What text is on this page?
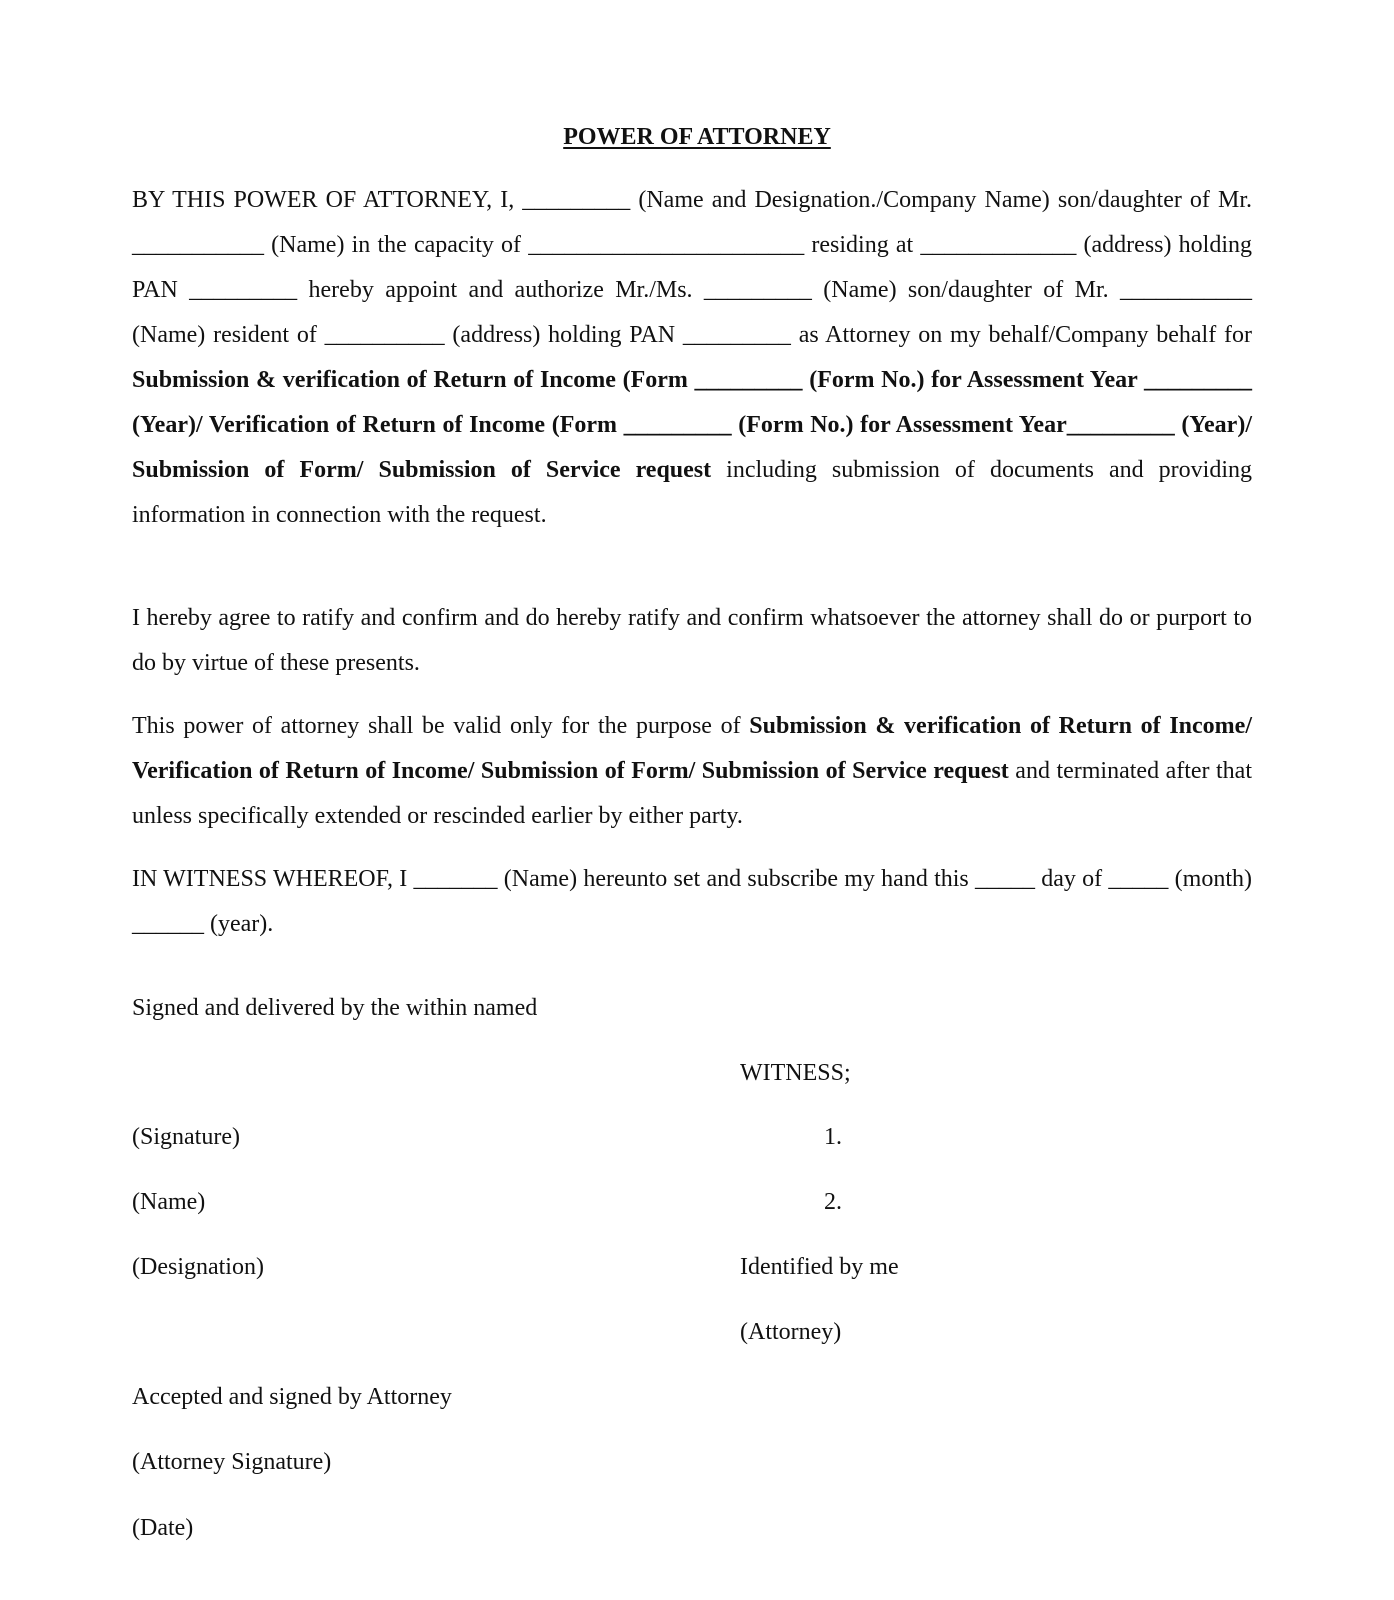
POWER OF ATTORNEY

BY THIS POWER OF ATTORNEY, I, _________ (Name and Designation./Company Name) son/daughter of Mr. ___________ (Name) in the capacity of _______________________ residing at _____________ (address) holding PAN _________ hereby appoint and authorize Mr./Ms. _________ (Name) son/daughter of Mr. ___________ (Name) resident of __________ (address) holding PAN _________ as Attorney on my behalf/Company behalf for Submission & verification of Return of Income (Form _________ (Form No.) for Assessment Year _________ (Year)/ Verification of Return of Income (Form _________ (Form No.) for Assessment Year_________ (Year)/ Submission of Form/ Submission of Service request including submission of documents and providing information in connection with the request.

I hereby agree to ratify and confirm and do hereby ratify and confirm whatsoever the attorney shall do or purport to do by virtue of these presents.

This power of attorney shall be valid only for the purpose of Submission & verification of Return of Income/ Verification of Return of Income/ Submission of Form/ Submission of Service request and terminated after that unless specifically extended or rescinded earlier by either party.

IN WITNESS WHEREOF, I _______ (Name) hereunto set and subscribe my hand this _____ day of _____ (month) ______ (year).

Signed and delivered by the within named
WITNESS;
(Signature)	1.
(Name)	2.
(Designation)	Identified by me
(Attorney)
Accepted and signed by Attorney
(Attorney Signature)
(Date)
